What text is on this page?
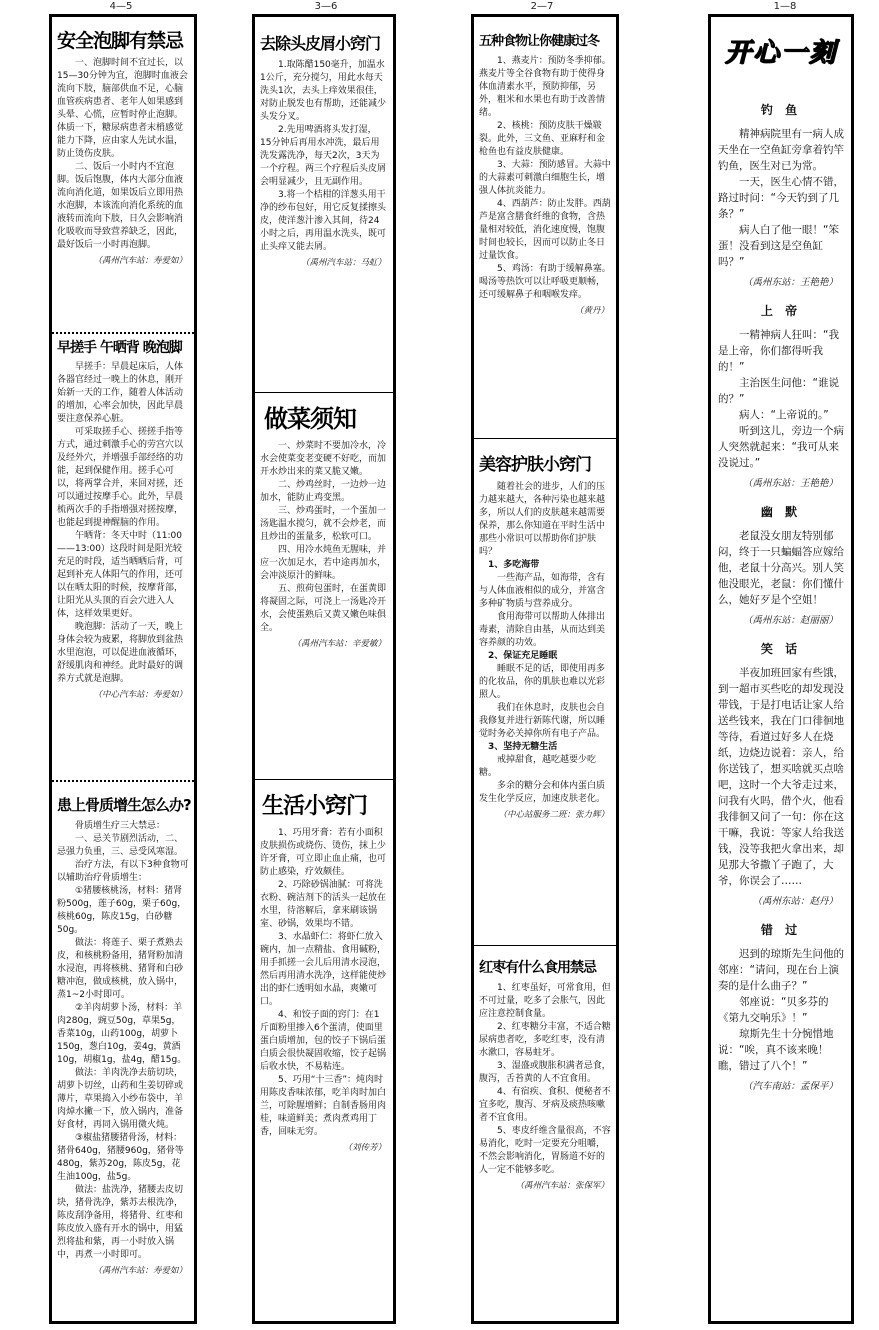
4—5	3—6	2—7	1—8
安全泡脚有禁忌

一、泡脚时间不宜过长，以15—30分钟为宜，泡脚时血液会流向下肢，脑部供血不足，心脑血管疾病患者、老年人如果感到头晕、心慌，应暂时停止泡脚。体质一下，糖尿病患者末梢感觉能力下降，应由家人先试水温，防止烫伤皮肤。

二、饭后一小时内不宜泡脚。饭后饱腹，体内大部分血液流向消化道，如果饭后立即用热水泡脚，本该流向消化系统的血液转而流向下肢，日久会影响消化吸收而导致营养缺乏，因此，最好饭后一小时再泡脚。

（禹州汽车站：寿爱如）
早搓手 午晒背 晚泡脚

早搓手：早晨起床后，人体各器官经过一晚上的休息，刚开始新一天的工作，随着人体活动的增加，心率会加快，因此早晨要注意保养心脏。

可采取搓手心、搓搓手指等方式，通过刺激手心的劳宫穴以及经外穴，并增强手部经络的功能，起到保健作用。搓手心可以，将两掌合并，来回对搓，还可以通过按摩手心。此外，早晨梳两次手的手指增强对搓按摩，也能起到提神醒脑的作用。

午晒背：冬天中时（11:00——13:00）这段时间是阳光较充足的时段，适当晒晒后背，可起到补充人体阳气的作用，还可以在晒太阳的时候，按摩背部，让阳光从头顶的百会穴进入人体，这样效果更好。

晚泡脚：活动了一天，晚上身体会较为疲累，将脚放到盆热水里泡泡，可以促进血液循环，舒缓肌肉和神经。此时最好的调养方式就是泡脚。

（中心汽车站：寿爱如）
患上骨质增生怎么办?

骨质增生疗三大禁忌：

一、忌关节剧烈活动，二、忌强力负重，三、忌受风寒湿。

治疗方法，有以下3种食物可以辅助治疗骨质增生：

①猪腰核桃汤，材料：猪肾粉500g，莲子60g，栗子60g，核桃60g，陈皮15g，白砂糖50g。

做法：将莲子、栗子煮熟去皮，和核桃粉备用，猪肾粉加清水浸泡，再将核桃、猪肾和白砂糖冲泡，做成核桃，放入锅中，蒸1~2小时即可。

②羊肉胡萝卜汤，材料：羊肉280g，豌豆50g，草果5g，香菜10g，山药100g，胡萝卜150g，葱白10g，姜4g，黄酒10g，胡椒1g，盐4g，醋15g。

做法：羊肉洗净去筋切块，胡萝卜切丝，山药和生姜切碎或薄片，草果捣入小纱布袋中，羊肉焯水撇一下，放入锅内，准备好食材，再同入锅用微火炖。

③椒盐猪腰猪骨汤，材料：猪骨640g，猪腰960g，猪骨等480g，紫苏20g，陈皮5g，花生油100g，盐5g。

做法：盐洗净，猪腰去皮切块，猪骨洗净，紫苏去根洗净，陈皮刮净备用，将猪骨、红枣和陈皮放入盛有开水的锅中，用猛烈将盐和紫，再一小时放入锅中，再煮一小时即可。

（禹州汽车站：寿爱如）
去除头皮屑小窍门

1.取陈醋150毫升，加温水1公斤，充分搅匀，用此水每天洗头1次，去头上痒效果很佳，对防止脱发也有帮助，还能减少头发分叉。

2.先用啤酒将头发打湿，15分钟后再用水冲洗，最后用洗发露洗净，每天2次，3天为一个疗程。两三个疗程后头皮屑会明显减少，且无副作用。

3.将一个桔柑的洋葱头用干净的纱布包好，用它反复揉擦头皮，使洋葱汁渗入其间，待24小时之后，再用温水洗头，既可止头痒又能去屑。

（禹州汽车站：马虹）
做菜须知

一、炒菜时不要加冷水，冷水会使菜变老变硬不好吃，而加开水炒出来的菜又脆又嫩。

二、炒鸡丝时，一边炒一边加水，能防止鸡变黑。

三、炒鸡蛋时，一个蛋加一汤匙温水搅匀，就不会炒老，而且炒出的蛋量多，松软可口。

四、用冷水炖鱼无腥味，并应一次加足水，若中途再加水，会冲淡原汁的鲜味。

五、煎荷包蛋时，在蛋黄即将凝固之际，可浇上一汤匙冷开水，会使蛋熟后又黄又嫩色味俱全。

（禹州汽车站：辛爱敏）
生活小窍门

1、巧用牙膏：若有小面积皮肤损伤或烧伤、烫伤，抹上少许牙膏，可立即止血止痛，也可防止感染，疗效颇佳。

2、巧除砂锅油腻：可将洗衣粉、碗洁剂下的活头一起放在水里，待溶解后，拿来刷该锅室、砂锅，效果均不错。

3、水晶虾仁：将虾仁放入碗内，加一点精盐、食用碱粉，用手抓搓一会儿后用清水浸泡，然后再用清水洗净，这样能使炒出的虾仁透明如水晶，爽嫩可口。

4、和饺子面的窍门：在1斤面粉里掺入6个蛋清，使面里蛋白质增加，包的饺子下锅后蛋白质会很快凝固收缩，饺子起锅后收水快，不易粘连。

5、巧用“十三香”：炖肉时用陈皮香味浓郁，吃羊肉时加白兰，可除腥增鲜；自制香肠用肉桂，味道鲜美；煮肉煮鸡用丁香，回味无穷。

（刘传芳）
五种食物让你健康过冬

1、燕麦片：预防冬季抑郁。燕麦片等全谷食物有助于使得身体血清素水平，预防抑郁，另外，粗米和水果也有助于改善情绪。

2、核桃：预防皮肤干燥皲裂。此外，三文鱼、亚麻籽和金枪鱼也有益皮肤健康。

3、大蒜：预防感冒。大蒜中的大蒜素可刺激白细胞生长，增强人体抗炎能力。

4、西葫芦：防止发胖。西葫芦是富含膳食纤维的食物，含热量相对较低，消化速度慢，饱腹时间也较长，因而可以防止冬日过量饮食。

5、鸡汤：有助于缓解鼻塞。喝汤等热饮可以让呼吸更顺畅，还可缓解鼻子和咽喉发痒。

（黄丹）
美容护肤小窍门

随着社会的进步，人们的压力越来越大，各种污染也越来越多，所以人们的皮肤越来越需要保养，那么你知道在平时生活中那些小常识可以帮助你们护肤吗？

1、多吃海带

一些海产品，如海带，含有与人体血液相似的成分，并富含多种矿物质与营养成分。

食用海带可以帮助人体排出毒素，清除自由基，从而达到美容养颜的功效。

2、保证充足睡眠

睡眠不足的话，即使用再多的化妆品，你的肌肤也难以光彩照人。

我们在休息时，皮肤也会自我修复并进行新陈代谢，所以睡觉时务必关掉你所有电子产品。

3、坚持无糖生活

戒掉甜食，越吃越要少吃糖。

多余的糖分会和体内蛋白质发生化学反应，加速皮肤老化。

（中心站服务二班：张力辉）
红枣有什么食用禁忌

1、红枣虽好，可常食用，但不可过量，吃多了会胀气，因此应注意控制食量。

2、红枣糖分丰富，不适合糖尿病患者吃，多吃红枣，没有清水漱口，容易蛀牙。

3、湿盛或腹胀积满者忌食，腹泻，舌苔黄的人不宜食用。

4、有宿疾、食积、便秘者不宜多吃，腹泻、牙病及痰热咳嗽者不宜食用。

5、枣皮纤维含量很高，不容易消化，吃时一定要充分咀嚼，不然会影响消化，胃肠道不好的人一定不能够多吃。

（禹州汽车站：张保军）
开心一刻
钓 鱼

精神病院里有一病人成天坐在一空鱼缸旁拿着钓竿钓鱼，医生对已为常。

一天，医生心情不错，路过时问：“今天钓到了几条？”

病人白了他一眼！“笨蛋！没看到这是空鱼缸吗？”

（禹州东站：王艳艳）
上 帝

一精神病人狂叫：“我是上帝，你们都得听我的！”

主治医生问他：“谁说的？”

病人：“上帝说的。”

听到这儿，旁边一个病人突然就起来：“我可从来没说过。”

（禹州东站：王艳艳）
幽 默

老鼠没女朋友特别郁闷，终于一只蝙蝠答应嫁给他，老鼠十分高兴。别人笑他没眼光，老鼠：你们懂什么，她好歹是个空姐！

（禹州东站：赵丽丽）
笑 话

半夜加班回家有些饿，到一超市买些吃的却发现没带钱，于是打电话让家人给送些钱来，我在门口徘徊地等待，看道过好多人在烧纸，边烧边说着：亲人，给你送钱了，想买啥就买点啥吧，这时一个大爷走过来，问我有火吗，借个火，他看我徘徊又问了一句：你在这干嘛，我说：等家人给我送钱，没等我把火拿出来，却见那大爷撒丫子跑了，大爷，你误会了……

（禹州东站：赵丹）
错 过

迟到的琼斯先生问他的邻座：“请问，现在台上演奏的是什么曲子？”

邻座说：“贝多芬的《第九交响乐》！”

琼斯先生十分惋惜地说：“唉，真不该来晚！瞧，错过了八个！”

（汽车南站：孟保平）
